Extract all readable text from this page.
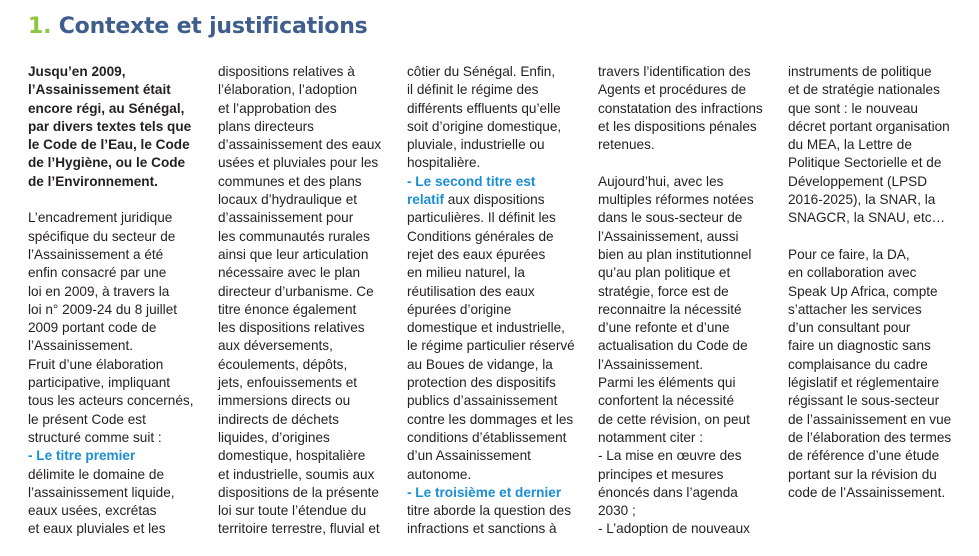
1. Contexte et justifications

Jusqu’en 2009,

l’Assainissement était

encore régi, au Sénégal,

par divers textes tels que

le Code de l’Eau, le Code

de l’Hygiène, ou le Code

de l’Environnement.

L’encadrement juridique

spécifique du secteur de

l’Assainissement a été

enfin consacré par une

loi en 2009, à travers la

loi n° 2009-24 du 8 juillet

2009 portant code de

l’Assainissement.

Fruit d’une élaboration

participative, impliquant

tous les acteurs concernés,

le présent Code est

structuré comme suit :

- Le titre premier

délimite le domaine de

l’assainissement liquide,

eaux usées, excrétas

et eaux pluviales et les

dispositions relatives à

l’élaboration, l’adoption

et l’approbation des

plans directeurs

d’assainissement des eaux

usées et pluviales pour les

communes et des plans

locaux d’hydraulique et

d’assainissement pour

les communautés rurales

ainsi que leur articulation

nécessaire avec le plan

directeur d’urbanisme. Ce

titre énonce également

les dispositions relatives

aux déversements,

écoulements, dépôts,

jets, enfouissements et

immersions directs ou

indirects de déchets

liquides, d’origines

domestique, hospitalière

et industrielle, soumis aux

dispositions de la présente

loi sur toute l’étendue du

territoire terrestre, fluvial et

côtier du Sénégal. Enfin,

il définit le régime des

différents effluents qu’elle

soit d’origine domestique,

pluviale, industrielle ou

hospitalière.

- Le second titre est

relatif aux dispositions

particulières. Il définit les

Conditions générales de

rejet des eaux épurées

en milieu naturel, la

réutilisation des eaux

épurées d’origine

domestique et industrielle,

le régime particulier réservé

au Boues de vidange, la

protection des dispositifs

publics d’assainissement

contre les dommages et les

conditions d’établissement

d’un Assainissement

autonome.

- Le troisième et dernier

titre aborde la question des

infractions et sanctions à

travers l’identification des

Agents et procédures de

constatation des infractions

et les dispositions pénales

retenues.

Aujourd’hui, avec les

multiples réformes notées

dans le sous-secteur de

l’Assainissement, aussi

bien au plan institutionnel

qu’au plan politique et

stratégie, force est de

reconnaitre la nécessité

d’une refonte et d’une

actualisation du Code de

l’Assainissement.

Parmi les éléments qui

confortent la nécessité

de cette révision, on peut

notamment citer :

- La mise en œuvre des

principes et mesures

énoncés dans l’agenda

2030 ;

- L’adoption de nouveaux

instruments de politique

et de stratégie nationales

que sont : le nouveau

décret portant organisation

du MEA, la Lettre de

Politique Sectorielle et de

Développement (LPSD

2016-2025), la SNAR, la

SNAGCR, la SNAU, etc…

Pour ce faire, la DA,

en collaboration avec

Speak Up Africa, compte

s’attacher les services

d’un consultant pour

faire un diagnostic sans

complaisance du cadre

législatif et réglementaire

régissant le sous-secteur

de l’assainissement en vue

de l’élaboration des termes

de référence d’une étude

portant sur la révision du

code de l’Assainissement.
